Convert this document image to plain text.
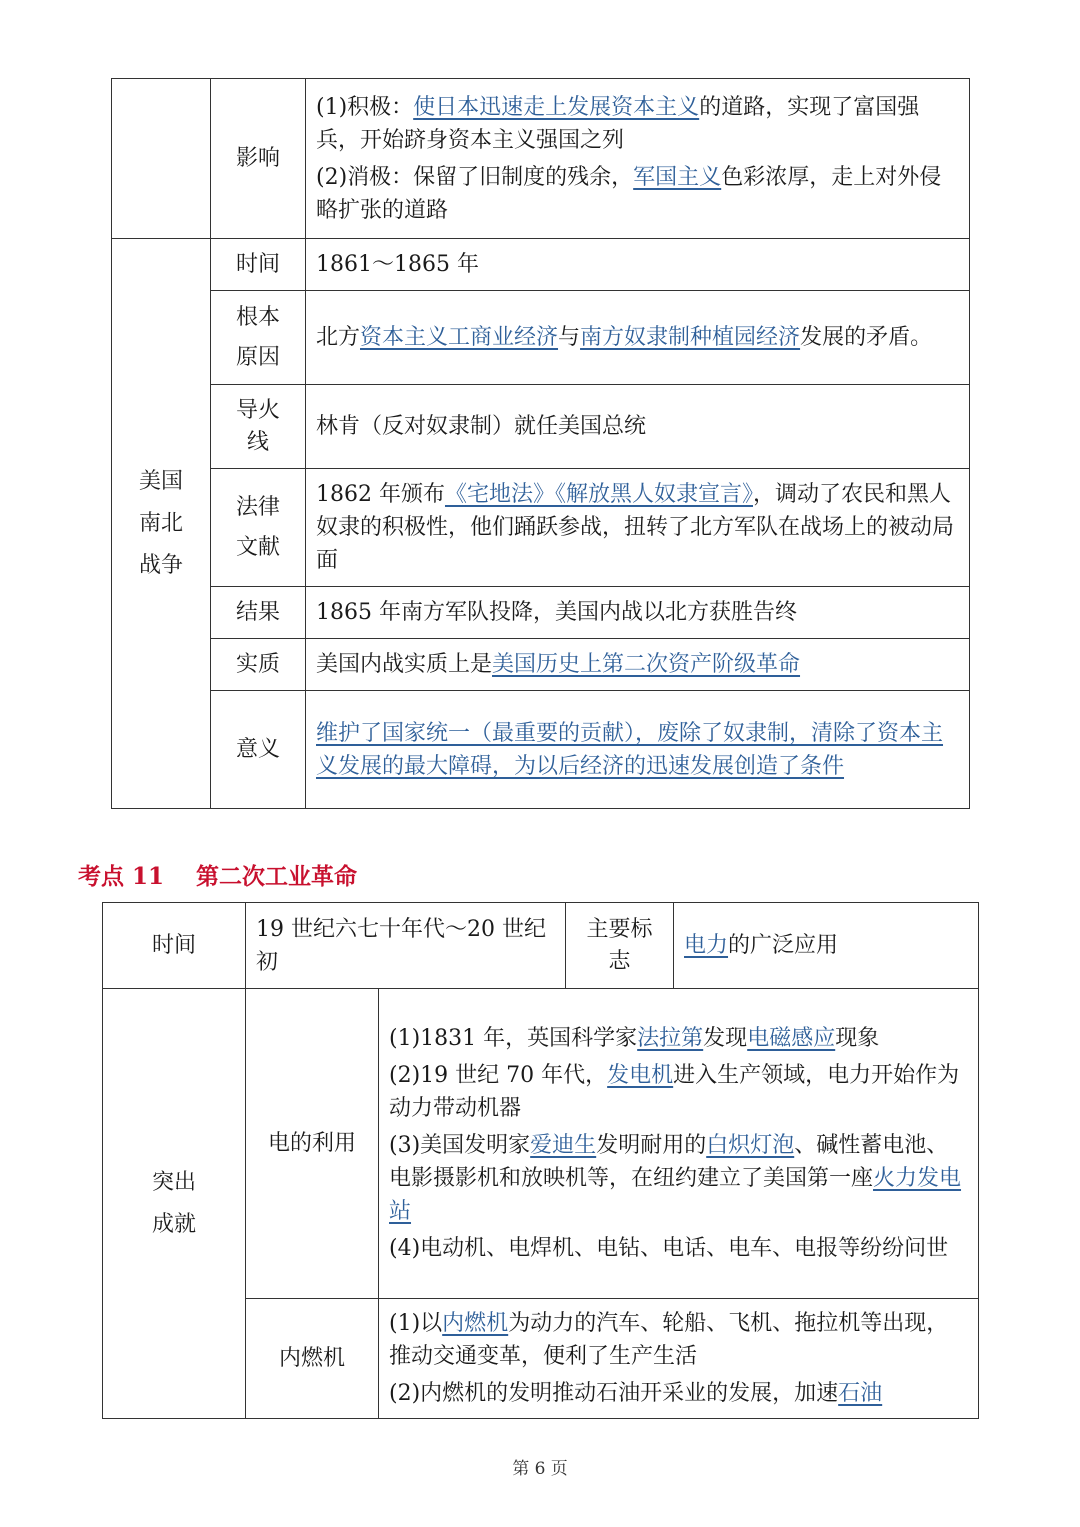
	影响	(1)积极：使日本迅速走上发展资本主义的道路，实现了富国强兵，开始跻身资本主义强国之列
(2)消极：保留了旧制度的残余，军国主义色彩浓厚，走上对外侵略扩张的道路

美国南北战争	时间	1861～1865 年

	根本原因	北方资本主义工商业经济与南方奴隶制种植园经济发展的矛盾。

	导火线	林肯（反对奴隶制）就任美国总统

	法律文献	1862 年颁布《宅地法》《解放黑人奴隶宣言》，调动了农民和黑人奴隶的积极性，他们踊跃参战，扭转了北方军队在战场上的被动局面
	结果	1865 年南方军队投降，美国内战以北方获胜告终
	实质	美国内战实质上是美国历史上第二次资产阶级革命
	意义	维护了国家统一（最重要的贡献），废除了奴隶制，清除了资本主义发展的最大障碍，为以后经济的迅速发展创造了条件
考点 11    第二次工业革命
时间	19 世纪六七十年代～20 世纪初		主要标志	电力的广泛应用

突出成就	电的利用	(1)1831 年，英国科学家法拉第发现电磁感应现象
(2)19 世纪 70 年代，发电机进入生产领域，电力开始作为动力带动机器
(3)美国发明家爱迪生发明耐用的白炽灯泡、碱性蓄电池、电影摄影机和放映机等，在纽约建立了美国第一座火力发电站
(4)电动机、电焊机、电钻、电话、电车、电报等纷纷问世		

	内燃机	(1)以内燃机为动力的汽车、轮船、飞机、拖拉机等出现，推动交通变革，便利了生产生活
(2)内燃机的发明推动石油开采业的发展，加速石油		
第 6 页
